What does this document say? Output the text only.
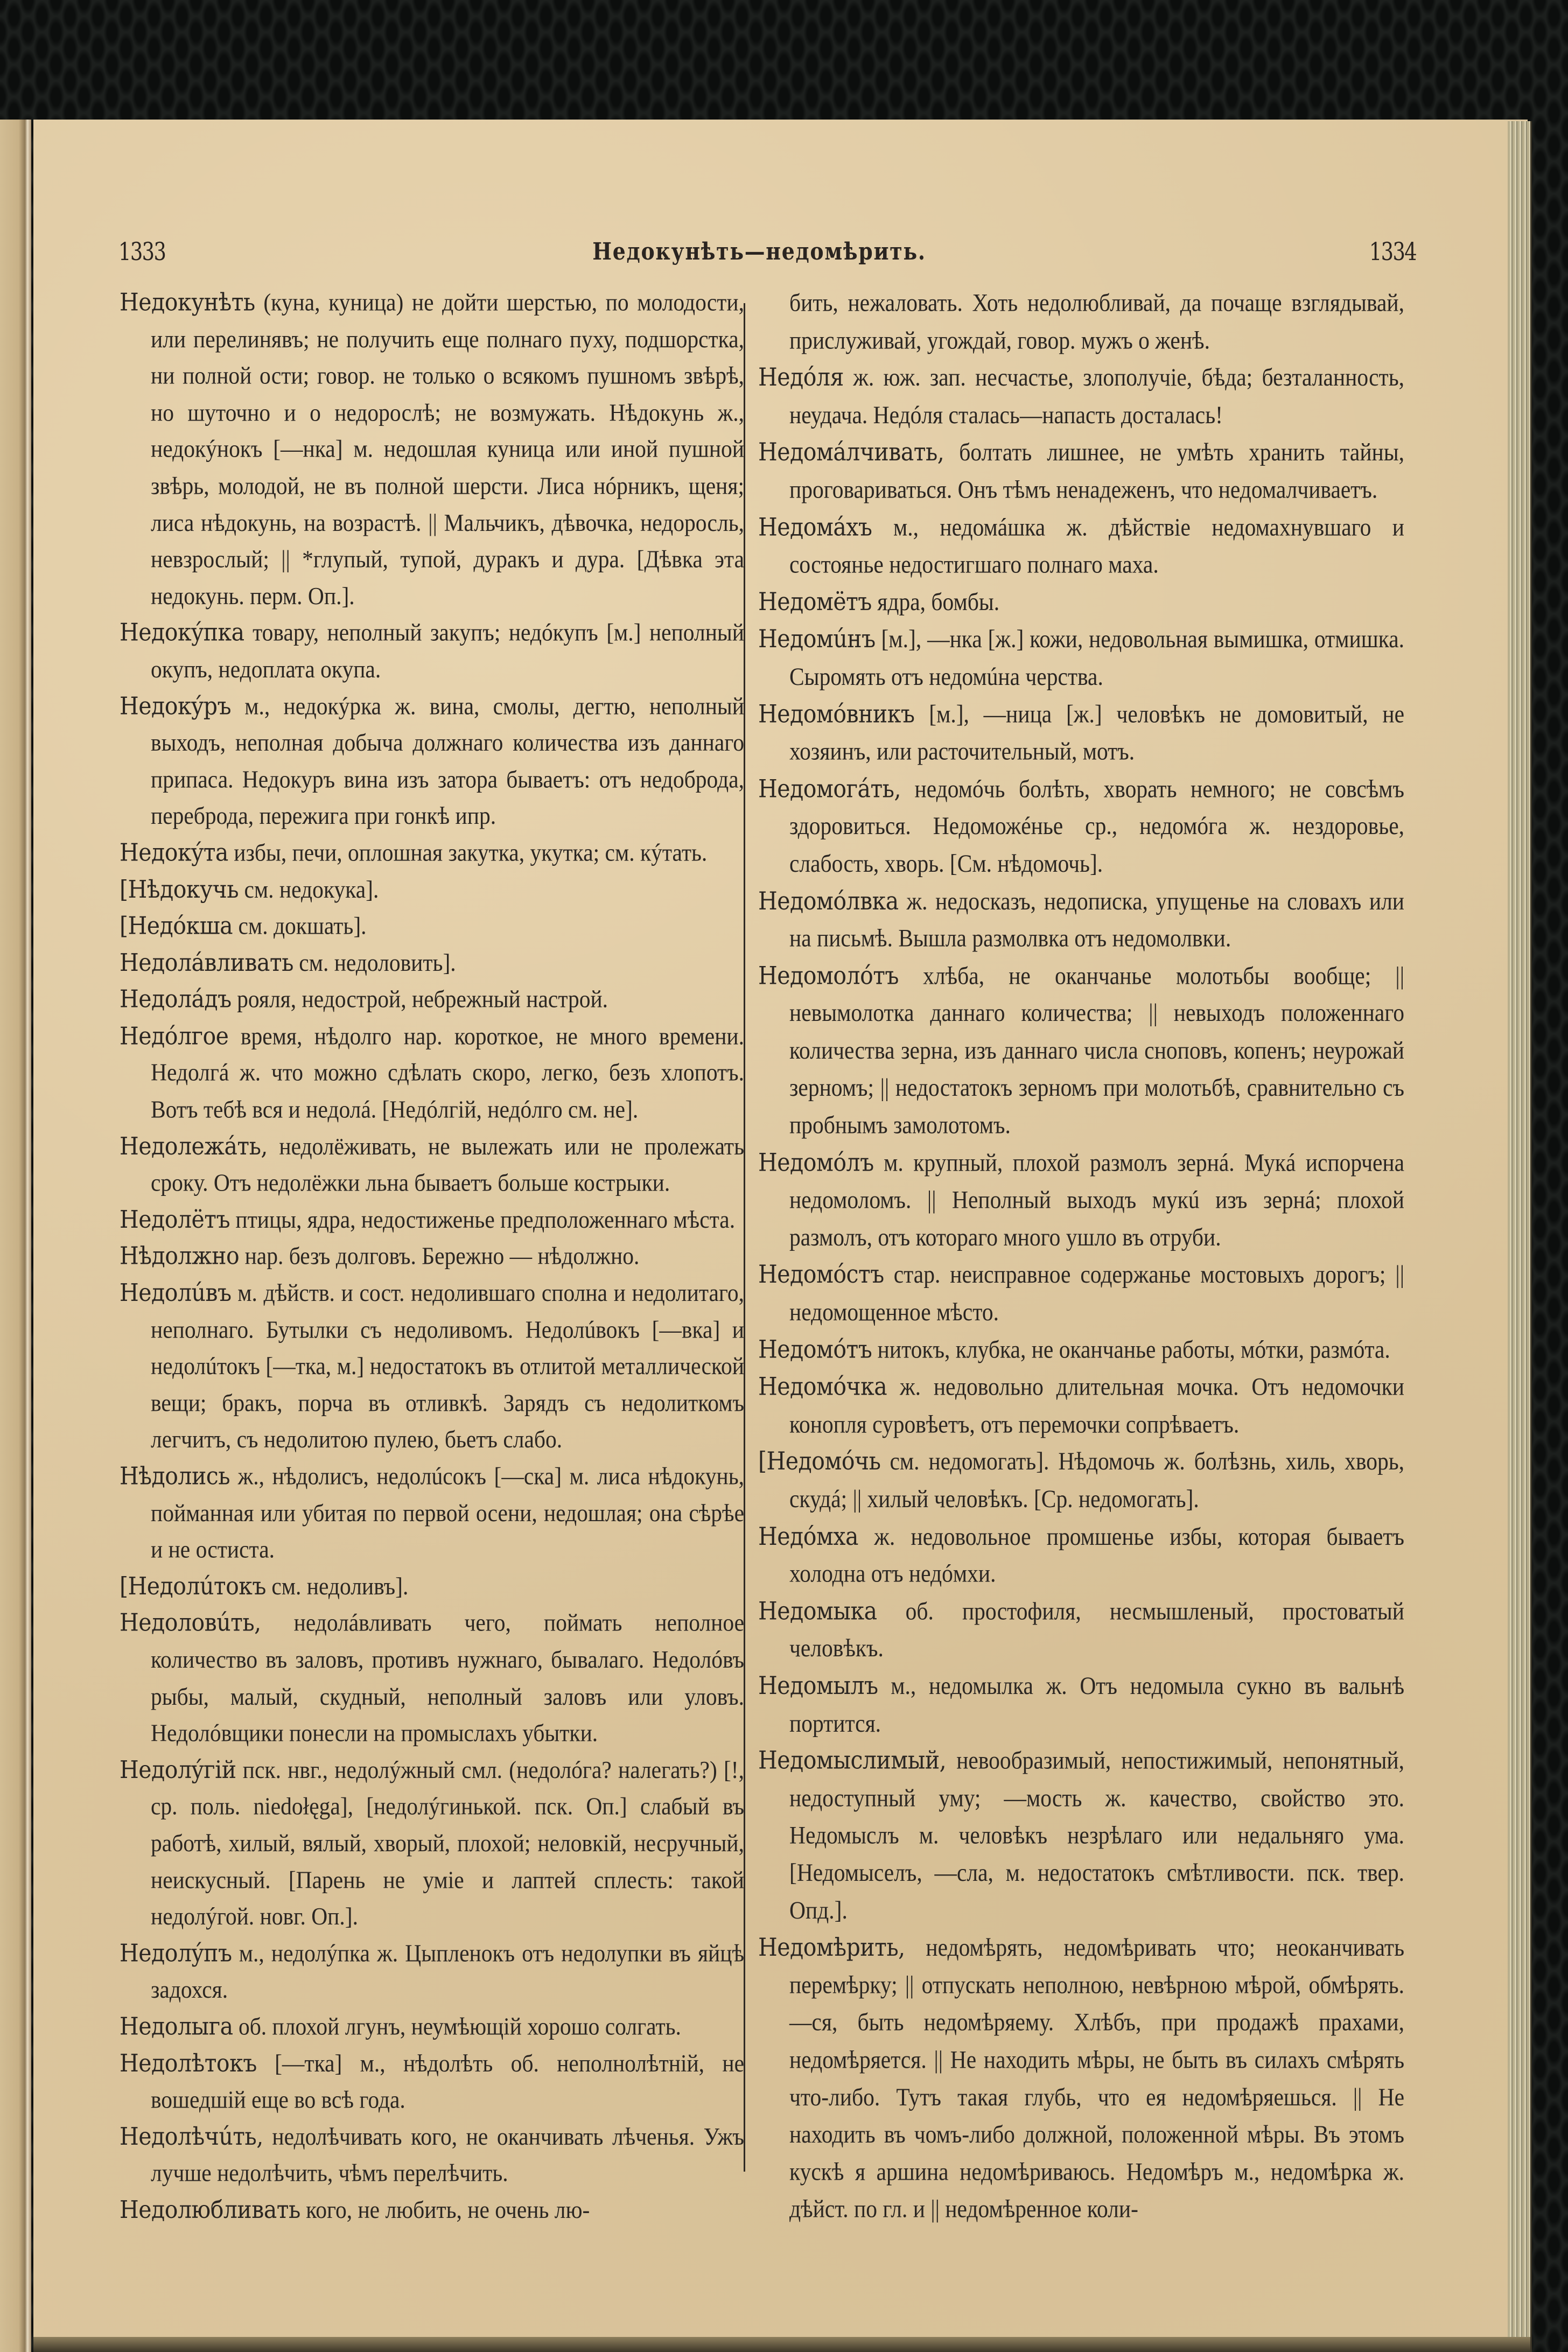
1333	Недокунѣть—недомѣрить.	1334

Недокунѣть (куна, куница) не дойти шерстью, по молодости, или перелинявъ; не получить еще полнаго пуху, подшорстка, ни полной ости; говор. не только о всякомъ пушномъ звѣрѣ, но шуточно и о недорослѣ; не возмужать. Нѣдокунь ж., недокýнокъ [—нка] м. недошлая куница или иной пушной звѣрь, молодой, не въ полной шерсти. Лиса нóрникъ, щеня; лиса нѣдокунь, на возрастѣ. || Мальчикъ, дѣвочка, недоросль, невзрослый; || *глупый, тупой, дуракъ и дура. [Дѣвка эта недокунь. перм. Оп.].

Недокýпка товару, неполный закупъ; недóкупъ [м.] неполный окупъ, недоплата окупа.

Недокýръ м., недокýрка ж. вина, смолы, дегтю, неполный выходъ, неполная добыча должнаго количества изъ даннаго припаса. Недокуръ вина изъ затора бываетъ: отъ недоброда, переброда, пережига при гонкѣ ипр.

Недокýта избы, печи, оплошная закутка, укутка; см. кýтать.

[Нѣдокучь см. недокука].

[Недóкша см. докшать].

Недолáвливать см. недоловить].

Недолáдъ рояля, недострой, небрежный настрой.

Недóлгое время, нѣдолго нар. короткое, не много времени. Недолгá ж. что можно сдѣлать скоро, легко, безъ хлопотъ. Вотъ тебѣ вся и недолá. [Недóлгій, недóлго см. не].

Недолежáть, недолёживать, не вылежать или не пролежать сроку. Отъ недолёжки льна бываетъ больше кострыки.

Недолётъ птицы, ядра, недостиженье предположеннаго мѣста.

Нѣдолжно нар. безъ долговъ. Бережно — нѣдолжно.

Недолúвъ м. дѣйств. и сост. недолившаго сполна и недолитаго, неполнаго. Бутылки съ недоливомъ. Недолúвокъ [—вка] и недолúтокъ [—тка, м.] недостатокъ въ отлитой металлической вещи; бракъ, порча въ отливкѣ. Зарядъ съ недолиткомъ легчитъ, съ недолитою пулею, бьетъ слабо.

Нѣдолись ж., нѣдолисъ, недолúсокъ [—ска] м. лиса нѣдокунь, пойманная или убитая по первой осени, недошлая; она сѣрѣе и не остиста.

[Недолúтокъ см. недоливъ].

Недоловúть, недолáвливать чего, поймать неполное количество въ заловъ, противъ нужнаго, бывалаго. Недолóвъ рыбы, малый, скудный, неполный заловъ или уловъ. Недолóвщики понесли на промыслахъ убытки.

Недолýгій пск. нвг., недолýжный смл. (недолóга? налегать?) [!, ср. поль. niedołęga], [недолýгинькой. пск. Оп.] слабый въ работѣ, хилый, вялый, хворый, плохой; неловкій, несручный, неискусный. [Парень не уміе и лаптей сплесть: такой недолýгой. новг. Оп.].

Недолýпъ м., недолýпка ж. Цыпленокъ отъ недолупки въ яйцѣ задохся.

Недолыга об. плохой лгунъ, неумѣющій хорошо солгать.

Недолѣтокъ [—тка] м., нѣдолѣть об. неполнолѣтній, не вошедшій еще во всѣ года.

Недолѣчúть, недолѣчивать кого, не оканчивать лѣченья. Ужъ лучше недолѣчить, чѣмъ перелѣчить.

Недолюбливать кого, не любить, не очень лю-

бить, нежаловать. Хоть недолюбливай, да почаще взглядывай, прислуживай, угождай, говор. мужъ о женѣ.

Недóля ж. юж. зап. несчастье, злополучіе, бѣда; безталанность, неудача. Недóля сталась—напасть досталась!

Недомáлчивать, болтать лишнее, не умѣть хранить тайны, проговариваться. Онъ тѣмъ ненадеженъ, что недомалчиваетъ.

Недомáхъ м., недомáшка ж. дѣйствіе недомахнувшаго и состоянье недостигшаго полнаго маха.

Недомётъ ядра, бомбы.

Недомúнъ [м.], —нка [ж.] кожи, недовольная вымишка, отмишка. Сыромять отъ недомúна черства.

Недомóвникъ [м.], —ница [ж.] человѣкъ не домовитый, не хозяинъ, или расточительный, мотъ.

Недомогáть, недомóчь болѣть, хворать немного; не совсѣмъ здоровиться. Недоможéнье ср., недомóга ж. нездоровье, слабость, хворь. [См. нѣдомочь].

Недомóлвка ж. недосказъ, недописка, упущенье на словахъ или на письмѣ. Вышла размолвка отъ недомолвки.

Недомолóтъ хлѣба, не оканчанье молотьбы вообще; || невымолотка даннаго количества; || невыходъ положеннаго количества зерна, изъ даннаго числа сноповъ, копенъ; неурожай зерномъ; || недостатокъ зерномъ при молотьбѣ, сравнительно съ пробнымъ замолотомъ.

Недомóлъ м. крупный, плохой размолъ зернá. Мукá испорчена недомоломъ. || Неполный выходъ мукú изъ зернá; плохой размолъ, отъ котораго много ушло въ отруби.

Недомóстъ стар. неисправное содержанье мостовыхъ дорогъ; || недомощенное мѣсто.

Недомóтъ нитокъ, клубка, не оканчанье работы, мóтки, размóта.

Недомóчка ж. недовольно длительная мочка. Отъ недомочки конопля суровѣетъ, отъ перемочки сопрѣваетъ.

[Недомóчь см. недомогать]. Нѣдомочь ж. болѣзнь, хиль, хворь, скудá; || хилый человѣкъ. [Ср. недомогать].

Недóмха ж. недовольное промшенье избы, которая бываетъ холодна отъ недóмхи.

Недомыка об. простофиля, несмышленый, простоватый человѣкъ.

Недомылъ м., недомылка ж. Отъ недомыла сукно въ вальнѣ портится.

Недомыслимый, невообразимый, непостижимый, непонятный, недоступный уму; —мость ж. качество, свойство это. Недомыслъ м. человѣкъ незрѣлаго или недальняго ума. [Недомыселъ, —сла, м. недостатокъ смѣтливости. пск. твер. Опд.].

Недомѣрить, недомѣрять, недомѣривать что; неоканчивать перемѣрку; || отпускать неполною, невѣрною мѣрой, обмѣрять. —ся, быть недомѣряему. Хлѣбъ, при продажѣ прахами, недомѣряется. || Не находить мѣры, не быть въ силахъ смѣрять что-либо. Тутъ такая глубь, что ея недомѣряешься. || Не находить въ чомъ-либо должной, положенной мѣры. Въ этомъ кускѣ я аршина недомѣриваюсь. Недомѣръ м., недомѣрка ж. дѣйст. по гл. и || недомѣренное коли-
